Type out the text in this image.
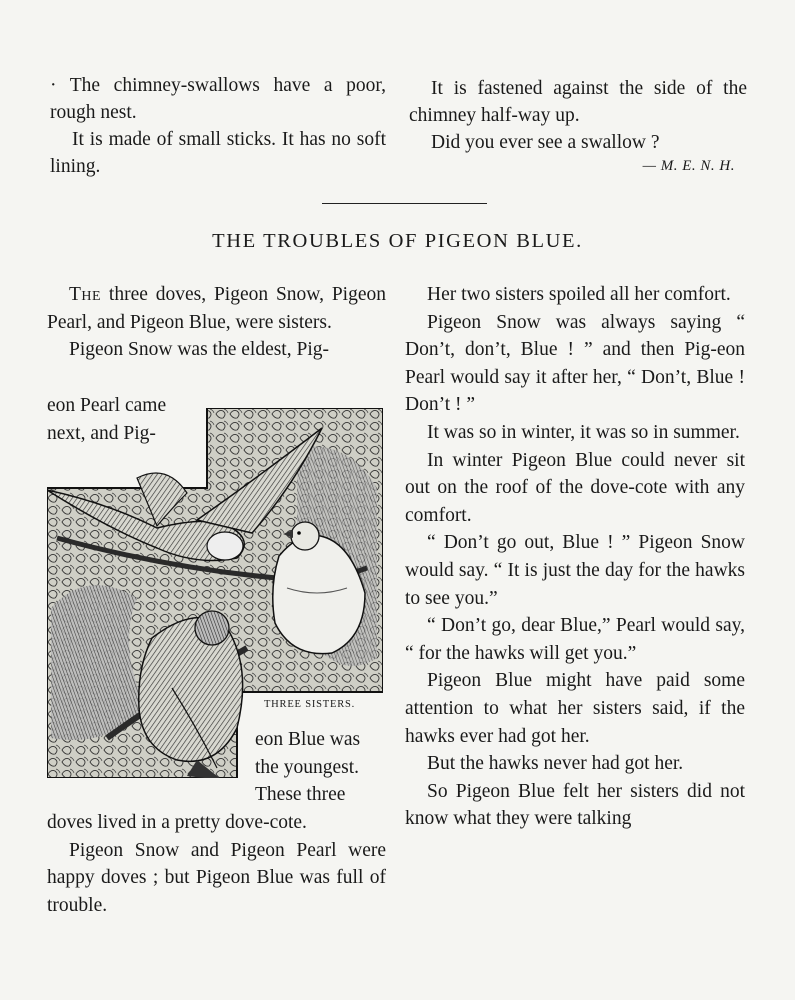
· The chimney-swallows have a poor, rough nest.
It is made of small sticks. It has no soft lining.

It is fastened against the side of the chimney half-way up.
Did you ever see a swallow ?

— M. E. N. H.
THE TROUBLES OF PIGEON BLUE.

The three doves, Pigeon Snow, Pigeon Pearl, and Pigeon Blue, were sisters.
Pigeon Snow was the eldest, Pig-

eon Pearl came
next, and Pig-

THREE SISTERS.

eon Blue was
the youngest.
These three

doves lived in a pretty dove-cote.
Pigeon Snow and Pigeon Pearl were happy doves ; but Pigeon Blue was full of trouble.

Her two sisters spoiled all her comfort.
Pigeon Snow was always saying “ Don’t, don’t, Blue ! ” and then Pig-eon Pearl would say it after her, “ Don’t, Blue ! Don’t ! ”
It was so in winter, it was so in summer.
In winter Pigeon Blue could never sit out on the roof of the dove-cote with any comfort.
“ Don’t go out, Blue ! ” Pigeon Snow would say. “ It is just the day for the hawks to see you.”
“ Don’t go, dear Blue,” Pearl would say, “ for the hawks will get you.”
Pigeon Blue might have paid some attention to what her sisters said, if the hawks ever had got her.
But the hawks never had got her.
So Pigeon Blue felt her sisters did not know what they were talking
